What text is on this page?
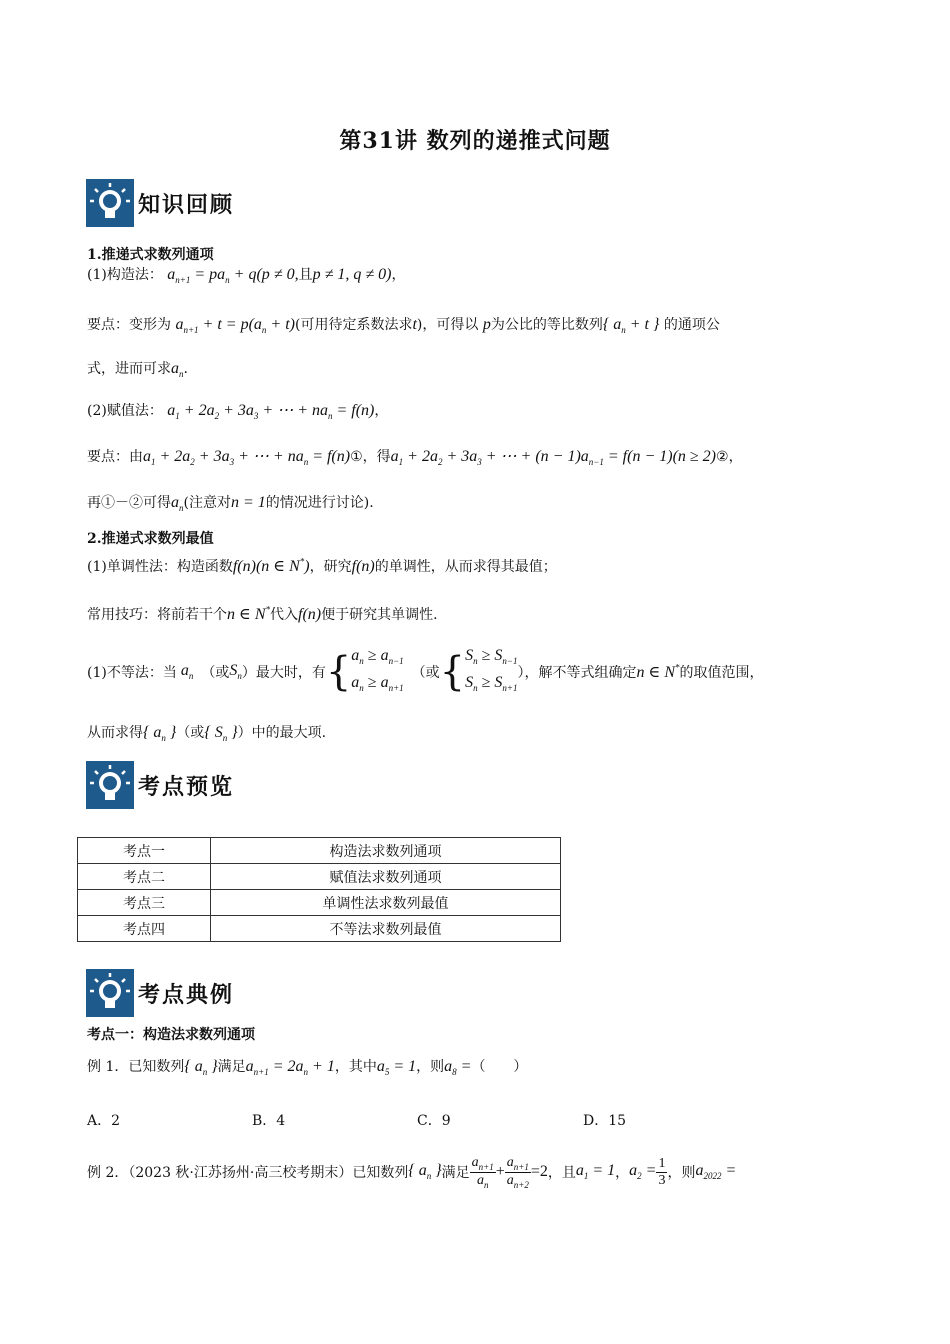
第31讲 数列的递推式问题
知识回顾
1.推递式求数列通项
(1)构造法： $a_{n+1} = pa_n + q(p \ne 0$,且p ≠ 1, q ≠ 0)，
要点：变形为 $a_{n+1} + t = p(a_n + t)$(可用待定系数法求t)，可得以 p为公比的等比数列{ $a_n + t$ } 的通项公
式，进而可求$a_n$.
(2)赋值法： $a_1 + 2a_2 + 3a_3$ + ⋯ + $na_n = f(n)$，
要点：由$a_1 + 2a_2 + 3a_3$ + ⋯ + $na_n$ = f(n)①，得$a_1 + 2a_2 + 3a_3$ + ⋯ + $(n - 1)a_{n-1} = f(n - 1)(n$ ≥ 2)②，
再①－②可得$a_n$(注意对n = 1的情况进行讨论).
2.推递式求数列最值
(1)单调性法：构造函数f(n)(n ∈ N*)，研究f(n)的单调性，从而求得其最值；
常用技巧：将前若干个n ∈ N*代入f(n)便于研究其单调性.
(1)不等法：当 $a_n$ （或 $S_n$ ）最大时，有 { $a_n \ge a_{n-1}$
$a_n \ge a_{n+1}$
（或 { $S_n \ge S_{n-1}$
$S_n \ge S_{n+1}$
），解不等式组确定 n ∈ N* 的取值范围，
从而求得{ $a_n$ }（或{ $S_n$ }）中的最大项.
考点预览
考点一	构造法求数列通项
考点二	赋值法求数列通项
考点三	单调性法求数列最值
考点四	不等法求数列最值
考点典例
考点一：构造法求数列通项
例 1．已知数列{ $a_n$ }满足$a_{n+1} = 2a_n + 1$，其中$a_5 = 1$，则$a_8$ =（　　）
A．2	B．4	C．9	D．15
例 2．（2023 秋·江苏扬州·高三校考期末）已知数列 { $a_n$ } 满足 $\frac{a_{n+1}}{a_n} + \frac{a_{n+1}}{a_{n+2}} =2$ ，且 $a_1 = 1$ ， $a_2 = \frac{1}{3}$ ，则 $a_{2022}$ =
